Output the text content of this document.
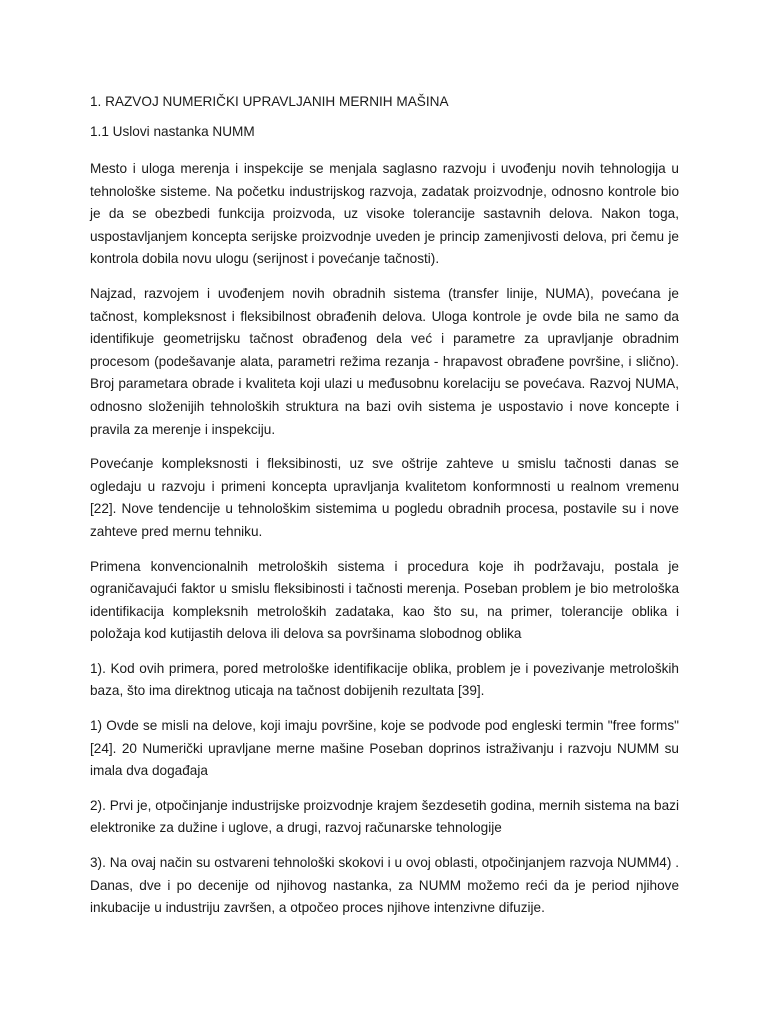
1. RAZVOJ NUMERIČKI UPRAVLJANIH MERNIH MAŠINA

1.1 Uslovi nastanka NUMM

Mesto i uloga merenja i inspekcije se menjala saglasno razvoju i uvođenju novih tehnologija u tehnološke sisteme. Na početku industrijskog razvoja, zadatak proizvodnje, odnosno kontrole bio je da se obezbedi funkcija proizvoda, uz visoke tolerancije sastavnih delova. Nakon toga, uspostavljanjem koncepta serijske proizvodnje uveden je princip zamenjivosti delova, pri čemu je kontrola dobila novu ulogu (serijnost i povećanje tačnosti).

Najzad, razvojem i uvođenjem novih obradnih sistema (transfer linije, NUMA), povećana je tačnost, kompleksnost i fleksibilnost obrađenih delova. Uloga kontrole je ovde bila ne samo da identifikuje geometrijsku tačnost obrađenog dela već i parametre za upravljanje obradnim procesom (podešavanje alata, parametri režima rezanja - hrapavost obrađene površine, i slično). Broj parametara obrade i kvaliteta koji ulazi u međusobnu korelaciju se povećava. Razvoj NUMA, odnosno složenijih tehnoloških struktura na bazi ovih sistema je uspostavio i nove koncepte i pravila za merenje i inspekciju.

Povećanje kompleksnosti i fleksibinosti, uz sve oštrije zahteve u smislu tačnosti danas se ogledaju u razvoju i primeni koncepta upravljanja kvalitetom konformnosti u realnom vremenu [22]. Nove tendencije u tehnološkim sistemima u pogledu obradnih procesa, postavile su i nove zahteve pred mernu tehniku.

Primena konvencionalnih metroloških sistema i procedura koje ih podržavaju, postala je ograničavajući faktor u smislu fleksibinosti i tačnosti merenja. Poseban problem je bio metrološka identifikacija kompleksnih metroloških zadataka, kao što su, na primer, tolerancije oblika i položaja kod kutijastih delova ili delova sa površinama slobodnog oblika

1). Kod ovih primera, pored metrološke identifikacije oblika, problem je i povezivanje metroloških baza, što ima direktnog uticaja na tačnost dobijenih rezultata [39].

1) Ovde se misli na delove, koji imaju površine, koje se podvode pod engleski termin "free forms" [24]. 20 Numerički upravljane merne mašine Poseban doprinos istraživanju i razvoju NUMM su imala dva događaja

2). Prvi je, otpočinjanje industrijske proizvodnje krajem šezdesetih godina, mernih sistema na bazi elektronike za dužine i uglove, a drugi, razvoj računarske tehnologije

3). Na ovaj način su ostvareni tehnološki skokovi i u ovoj oblasti, otpočinjanjem razvoja NUMM4) . Danas, dve i po decenije od njihovog nastanka, za NUMM možemo reći da je period njihove inkubacije u industriju završen, a otpočeo proces njihove intenzivne difuzije.
